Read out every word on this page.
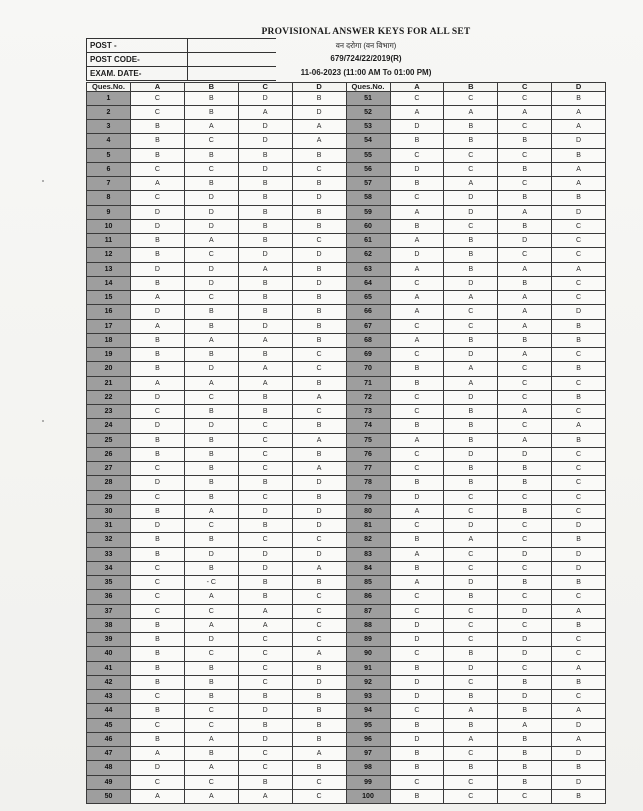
POST -
POST CODE-
EXAM. DATE-
PROVISIONAL ANSWER KEYS FOR ALL SET
वन दरोगा (वन विभाग)
679/724/22/2019(R)
11-06-2023 (11:00 AM To 01:00 PM)
Ques.No.	A	B	C	D	Ques.No.	A	B	C	D
1	C	B	D	B	51	C	C	C	B
2	C	B	A	D	52	A	A	A	A
3	B	A	D	A	53	D	B	C	A
4	B	C	D	A	54	B	B	B	D
5	B	B	B	B	55	C	C	C	B
6	C	C	D	C	56	D	C	B	A
7	A	B	B	B	57	B	A	C	A
8	C	D	B	D	58	C	D	B	B
9	D	D	B	B	59	A	D	A	D
10	D	D	B	B	60	B	C	B	C
11	B	A	B	C	61	A	B	D	C
12	B	C	D	D	62	D	B	C	C
13	D	D	A	B	63	A	B	A	A
14	B	D	B	D	64	C	D	B	C
15	A	C	B	B	65	A	A	A	C
16	D	B	B	B	66	A	C	A	D
17	A	B	D	B	67	C	C	A	B
18	B	A	A	B	68	A	B	B	B
19	B	B	B	C	69	C	D	A	C
20	B	D	A	C	70	B	A	C	B
21	A	A	A	B	71	B	A	C	C
22	D	C	B	A	72	C	D	C	B
23	C	B	B	C	73	C	B	A	C
24	D	D	C	B	74	B	B	C	A
25	B	B	C	A	75	A	B	A	B
26	B	B	C	B	76	C	D	D	C
27	C	B	C	A	77	C	B	B	C
28	D	B	B	D	78	B	B	B	C
29	C	B	C	B	79	D	C	C	C
30	B	A	D	D	80	A	C	B	C
31	D	C	B	D	81	C	D	C	D
32	B	B	C	C	82	B	A	C	B
33	B	D	D	D	83	A	C	D	D
34	C	B	D	A	84	B	C	C	D
35	C	- C	B	B	85	A	D	B	B
36	C	A	B	C	86	C	B	C	C
37	C	C	A	C	87	C	C	D	A
38	B	A	A	C	88	D	C	C	B
39	B	D	C	C	89	D	C	D	C
40	B	C	C	A	90	C	B	D	C
41	B	B	C	B	91	B	D	C	A
42	B	B	C	D	92	D	C	B	B
43	C	B	B	B	93	D	B	D	C
44	B	C	D	B	94	C	A	B	A
45	C	C	B	B	95	B	B	A	D
46	B	A	D	B	96	D	A	B	A
47	A	B	C	A	97	B	C	B	D
48	D	A	C	B	98	B	B	B	B
49	C	C	B	C	99	C	C	B	D
50	A	A	A	C	100	B	C	C	B
